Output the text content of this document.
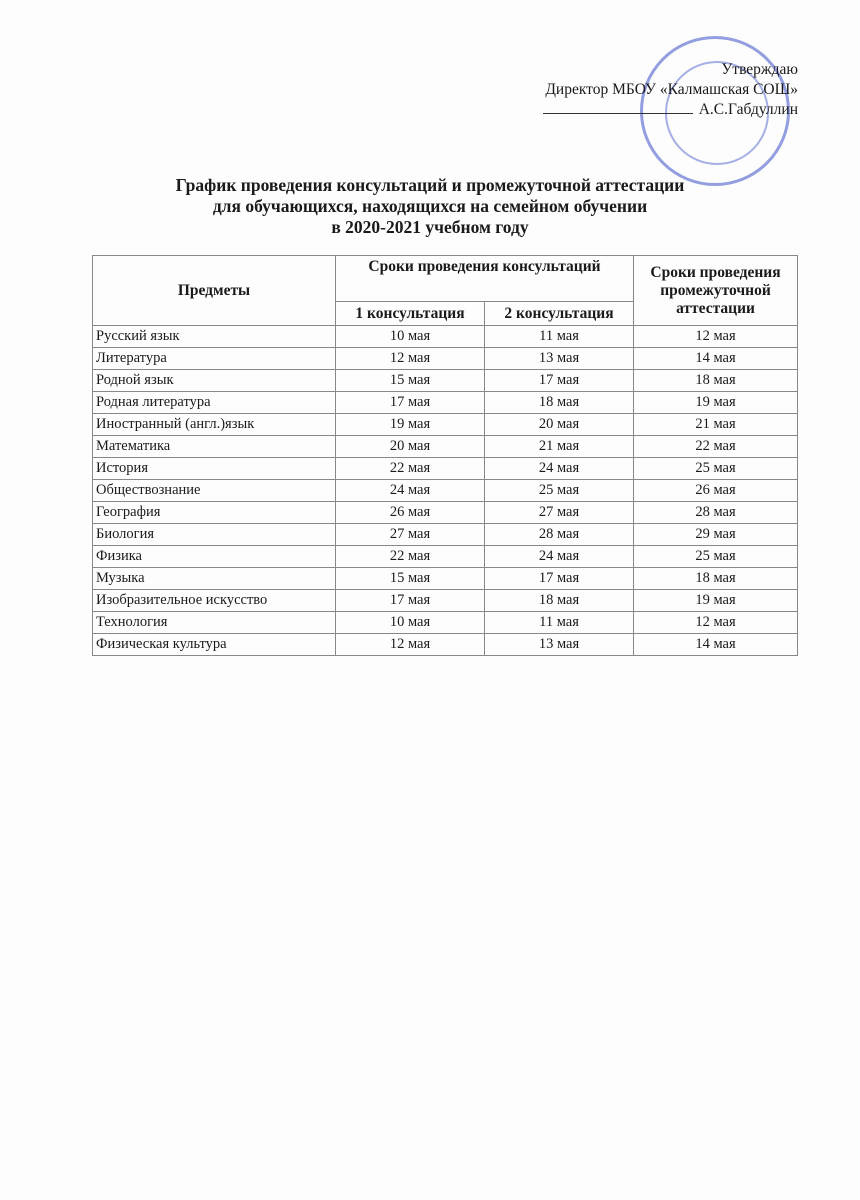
Утверждаю
Директор МБОУ «Калмашская СОШ»
А.С.Габдуллин
График проведения консультаций и промежуточной аттестации
для обучающихся, находящихся на семейном обучении
в 2020-2021 учебном году
Предметы	Сроки проведения консультаций		Сроки проведения промежуточной аттестации
	1 консультация	2 консультация	
Русский язык	10 мая	11 мая	12 мая
Литература	12 мая	13 мая	14 мая
Родной язык	15 мая	17 мая	18 мая
Родная литература	17 мая	18 мая	19 мая
Иностранный (англ.)язык	19 мая	20 мая	21 мая
Математика	20 мая	21 мая	22 мая
История	22 мая	24 мая	25 мая
Обществознание	24 мая	25 мая	26 мая
География	26 мая	27 мая	28 мая
Биология	27 мая	28 мая	29 мая
Физика	22 мая	24 мая	25 мая
Музыка	15 мая	17 мая	18 мая
Изобразительное искусство	17 мая	18 мая	19 мая
Технология	10 мая	11 мая	12 мая
Физическая культура	12 мая	13 мая	14 мая
